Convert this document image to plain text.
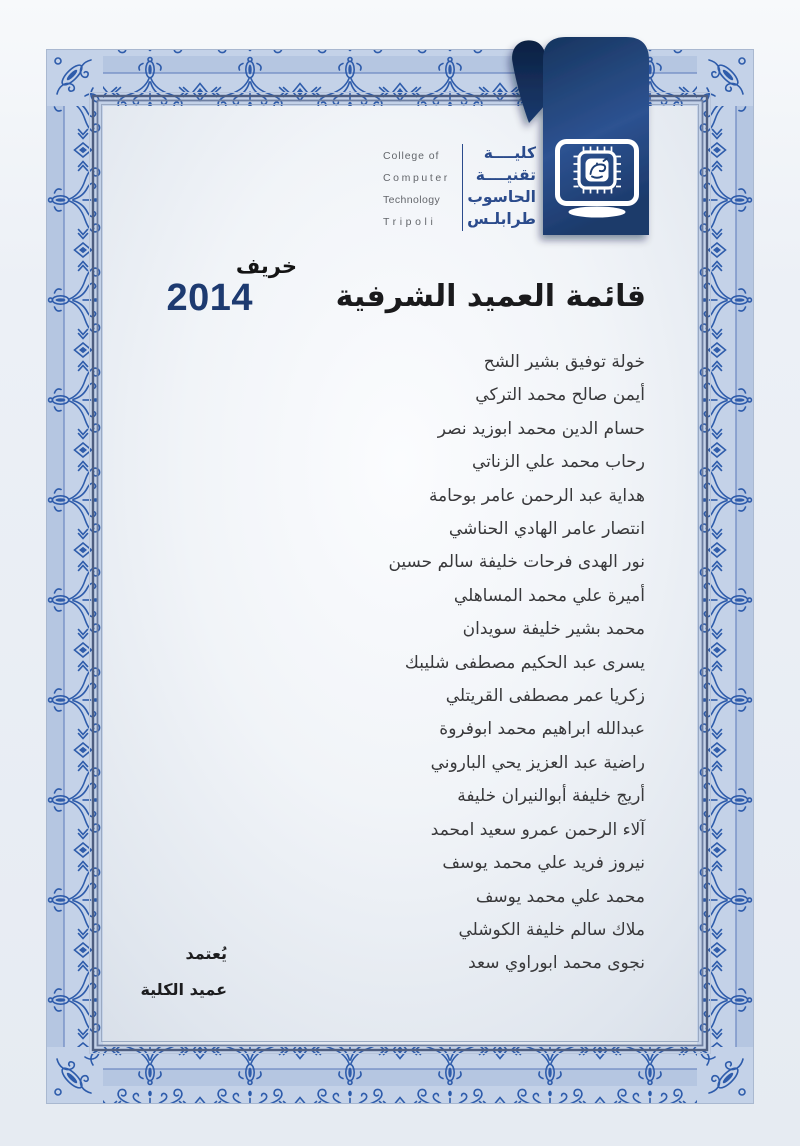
College of
Computer
Technology
Tripoli
كليــــة
تقنيــــة
الحاسوب
طرابلـس
قائمة العميد الشرفية
خريف
2014
خولة توفيق بشير الشح
أيمن صالح محمد التركي
حسام الدين محمد ابوزيد نصر
رحاب محمد علي الزناتي
هداية عبد الرحمن عامر بوحامة
انتصار عامر الهادي الحناشي
نور الهدى فرحات خليفة سالم حسين
أميرة علي محمد المساهلي
محمد بشير خليفة سويدان
يسرى عبد الحكيم مصطفى شليبك
زكريا عمر مصطفى القريتلي
عبدالله ابراهيم محمد ابوفروة
راضية عبد العزيز يحي الباروني
أريج خليفة أبوالنيران خليفة
آلاء الرحمن عمرو سعيد امحمد
نيروز فريد علي محمد يوسف
محمد علي محمد يوسف
ملاك سالم خليفة الكوشلي
نجوى محمد ابوراوي سعد
يُعتمد
عميد الكلية
